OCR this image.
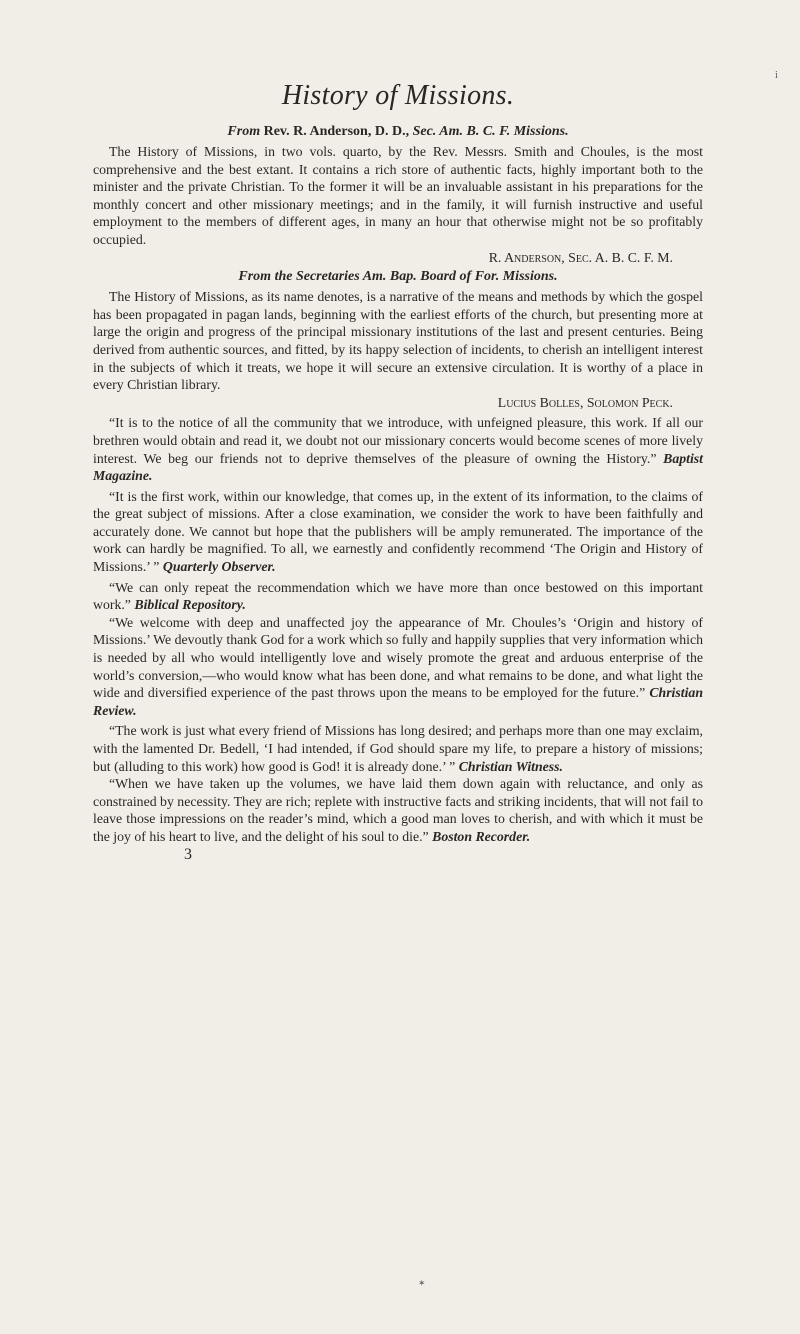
i
History of Missions.
From Rev. R. Anderson, D. D., Sec. Am. B. C. F. Missions.

The History of Missions, in two vols. quarto, by the Rev. Messrs. Smith and Choules, is the most comprehensive and the best extant. It contains a rich store of authentic facts, highly important both to the minister and the private Christian. To the former it will be an invaluable assistant in his preparations for the monthly concert and other missionary meetings; and in the family, it will furnish instructive and useful employment to the members of different ages, in many an hour that otherwise might not be so profitably occupied.

R. Anderson, Sec. A. B. C. F. M.
From the Secretaries Am. Bap. Board of For. Missions.

The History of Missions, as its name denotes, is a narrative of the means and methods by which the gospel has been propagated in pagan lands, beginning with the earliest efforts of the church, but presenting more at large the origin and progress of the principal missionary institutions of the last and present centuries. Being derived from authentic sources, and fitted, by its happy selection of incidents, to cherish an intelligent interest in the subjects of which it treats, we hope it will secure an extensive circulation. It is worthy of a place in every Christian library.

Lucius Bolles, Solomon Peck.

“It is to the notice of all the community that we introduce, with unfeigned pleasure, this work. If all our brethren would obtain and read it, we doubt not our missionary concerts would become scenes of more lively interest. We beg our friends not to deprive themselves of the pleasure of owning the History.” Baptist Magazine.

“It is the first work, within our knowledge, that comes up, in the extent of its information, to the claims of the great subject of missions. After a close examination, we consider the work to have been faithfully and accurately done. We cannot but hope that the publishers will be amply remunerated. The importance of the work can hardly be magnified. To all, we earnestly and confidently recommend ‘The Origin and History of Missions.’ ” Quarterly Observer.

“We can only repeat the recommendation which we have more than once bestowed on this important work.” Biblical Repository.

“We welcome with deep and unaffected joy the appearance of Mr. Choules’s ‘Origin and history of Missions.’ We devoutly thank God for a work which so fully and happily supplies that very information which is needed by all who would intelligently love and wisely promote the great and arduous enterprise of the world’s conversion,—who would know what has been done, and what remains to be done, and what light the wide and diversified experience of the past throws upon the means to be employed for the future.” Christian Review.

“The work is just what every friend of Missions has long desired; and perhaps more than one may exclaim, with the lamented Dr. Bedell, ‘I had intended, if God should spare my life, to prepare a history of missions; but (alluding to this work) how good is God! it is already done.’ ” Christian Witness.

“When we have taken up the volumes, we have laid them down again with reluctance, and only as constrained by necessity. They are rich; replete with instructive facts and striking incidents, that will not fail to leave those impressions on the reader’s mind, which a good man loves to cherish, and with which it must be the joy of his heart to live, and the delight of his soul to die.” Boston Recorder.

3
✶
